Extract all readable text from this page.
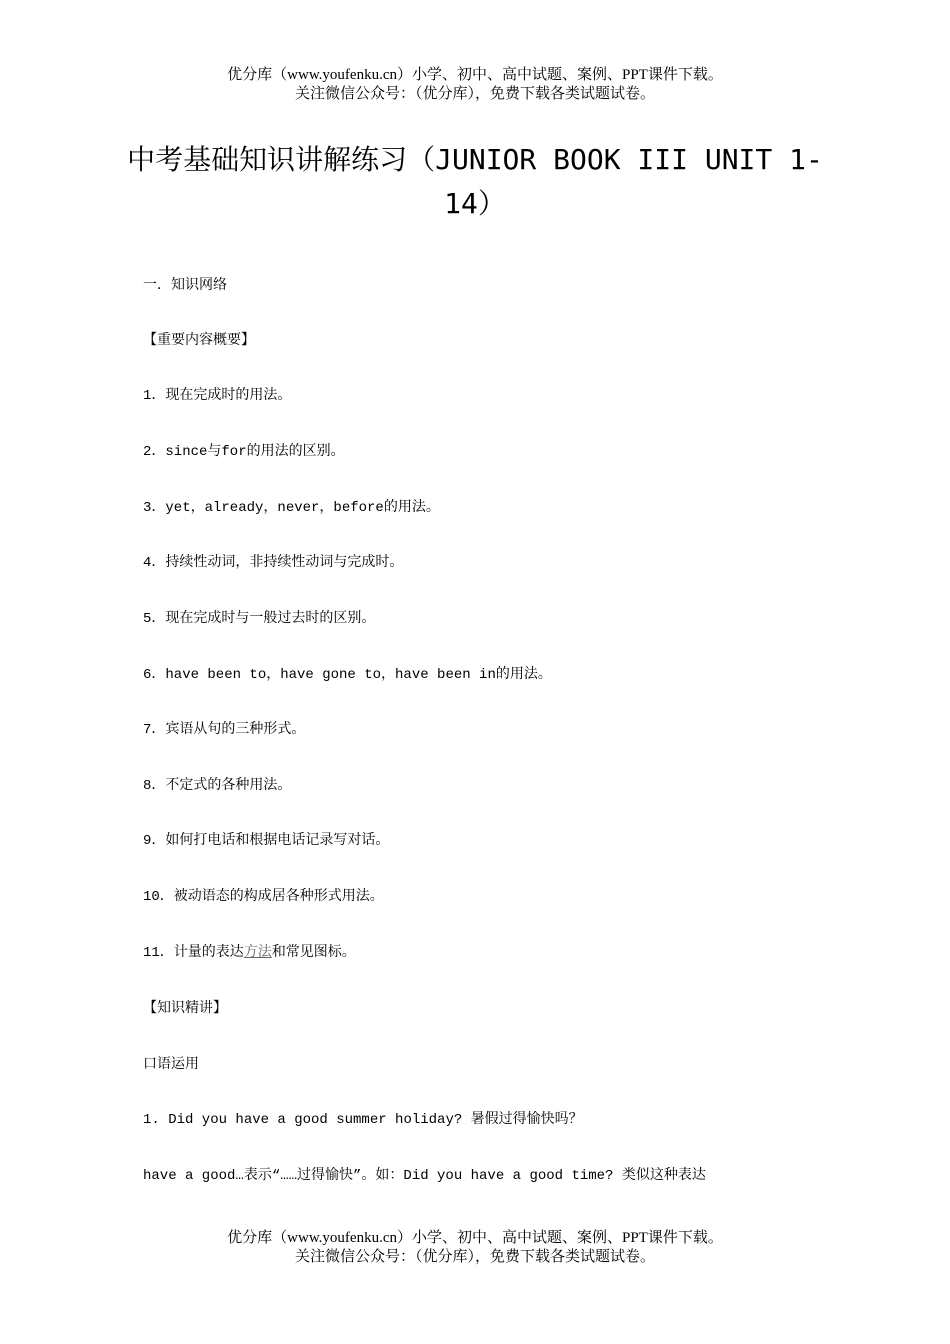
优分库（www.youfenku.cn）小学、初中、高中试题、案例、PPT课件下载。
关注微信公众号：（优分库），免费下载各类试题试卷。
中考基础知识讲解练习（JUNIOR BOOK III UNIT 1-
14）
一．知识网络
【重要内容概要】
1．现在完成时的用法。
2．since与for的用法的区别。
3．yet，already，never，before的用法。
4．持续性动词，非持续性动词与完成时。
5．现在完成时与一般过去时的区别。
6．have been to，have gone to，have been in的用法。
7．宾语从句的三种形式。
8．不定式的各种用法。
9．如何打电话和根据电话记录写对话。
10．被动语态的构成居各种形式用法。
11．计量的表达方法和常见图标。
【知识精讲】
口语运用
1. Did you have a good summer holiday? 暑假过得愉快吗？
have a good…表示“……过得愉快”。如：Did you have a good time? 类似这种表达
优分库（www.youfenku.cn）小学、初中、高中试题、案例、PPT课件下载。
关注微信公众号：（优分库），免费下载各类试题试卷。
